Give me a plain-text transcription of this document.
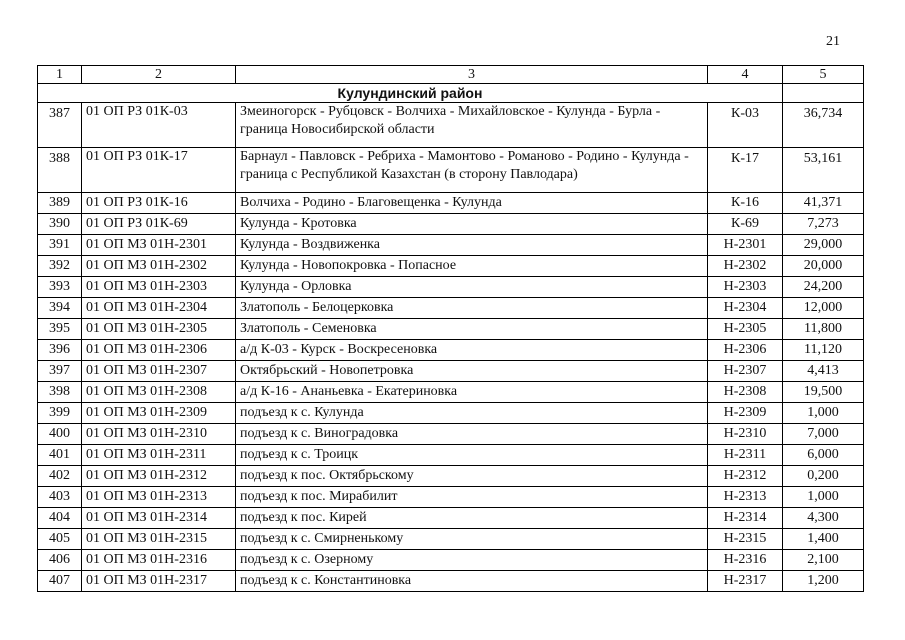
21
1	2	3	4	5
Кулундинский район				
387	01 ОП РЗ 01К-03	Змеиногорск - Рубцовск - Волчиха - Михайловское - Кулунда - Бурла - граница Новосибирской области	К-03	36,734
388	01 ОП РЗ 01К-17	Барнаул - Павловск - Ребриха - Мамонтово - Романово - Родино - Кулунда - граница с Республикой Казахстан (в сторону Павлодара)	К-17	53,161
389	01 ОП РЗ 01К-16	Волчиха - Родино - Благовещенка - Кулунда	К-16	41,371
390	01 ОП РЗ 01К-69	Кулунда - Кротовка	К-69	7,273
391	01 ОП МЗ 01Н-2301	Кулунда - Воздвиженка	Н-2301	29,000
392	01 ОП МЗ 01Н-2302	Кулунда - Новопокровка - Попасное	Н-2302	20,000
393	01 ОП МЗ 01Н-2303	Кулунда - Орловка	Н-2303	24,200
394	01 ОП МЗ 01Н-2304	Златополь - Белоцерковка	Н-2304	12,000
395	01 ОП МЗ 01Н-2305	Златополь - Семеновка	Н-2305	11,800
396	01 ОП МЗ 01Н-2306	а/д К-03 - Курск - Воскресеновка	Н-2306	11,120
397	01 ОП МЗ 01Н-2307	Октябрьский - Новопетровка	Н-2307	4,413
398	01 ОП МЗ 01Н-2308	а/д К-16 - Ананьевка - Екатериновка	Н-2308	19,500
399	01 ОП МЗ 01Н-2309	подъезд к с. Кулунда	Н-2309	1,000
400	01 ОП МЗ 01Н-2310	подъезд к с. Виноградовка	Н-2310	7,000
401	01 ОП МЗ 01Н-2311	подъезд к с. Троицк	Н-2311	6,000
402	01 ОП МЗ 01Н-2312	подъезд к пос. Октябрьскому	Н-2312	0,200
403	01 ОП МЗ 01Н-2313	подъезд к пос. Мирабилит	Н-2313	1,000
404	01 ОП МЗ 01Н-2314	подъезд к пос. Кирей	Н-2314	4,300
405	01 ОП МЗ 01Н-2315	подъезд к с. Смирненькому	Н-2315	1,400
406	01 ОП МЗ 01Н-2316	подъезд к с. Озерному	Н-2316	2,100
407	01 ОП МЗ 01Н-2317	подъезд к с. Константиновка	Н-2317	1,200
